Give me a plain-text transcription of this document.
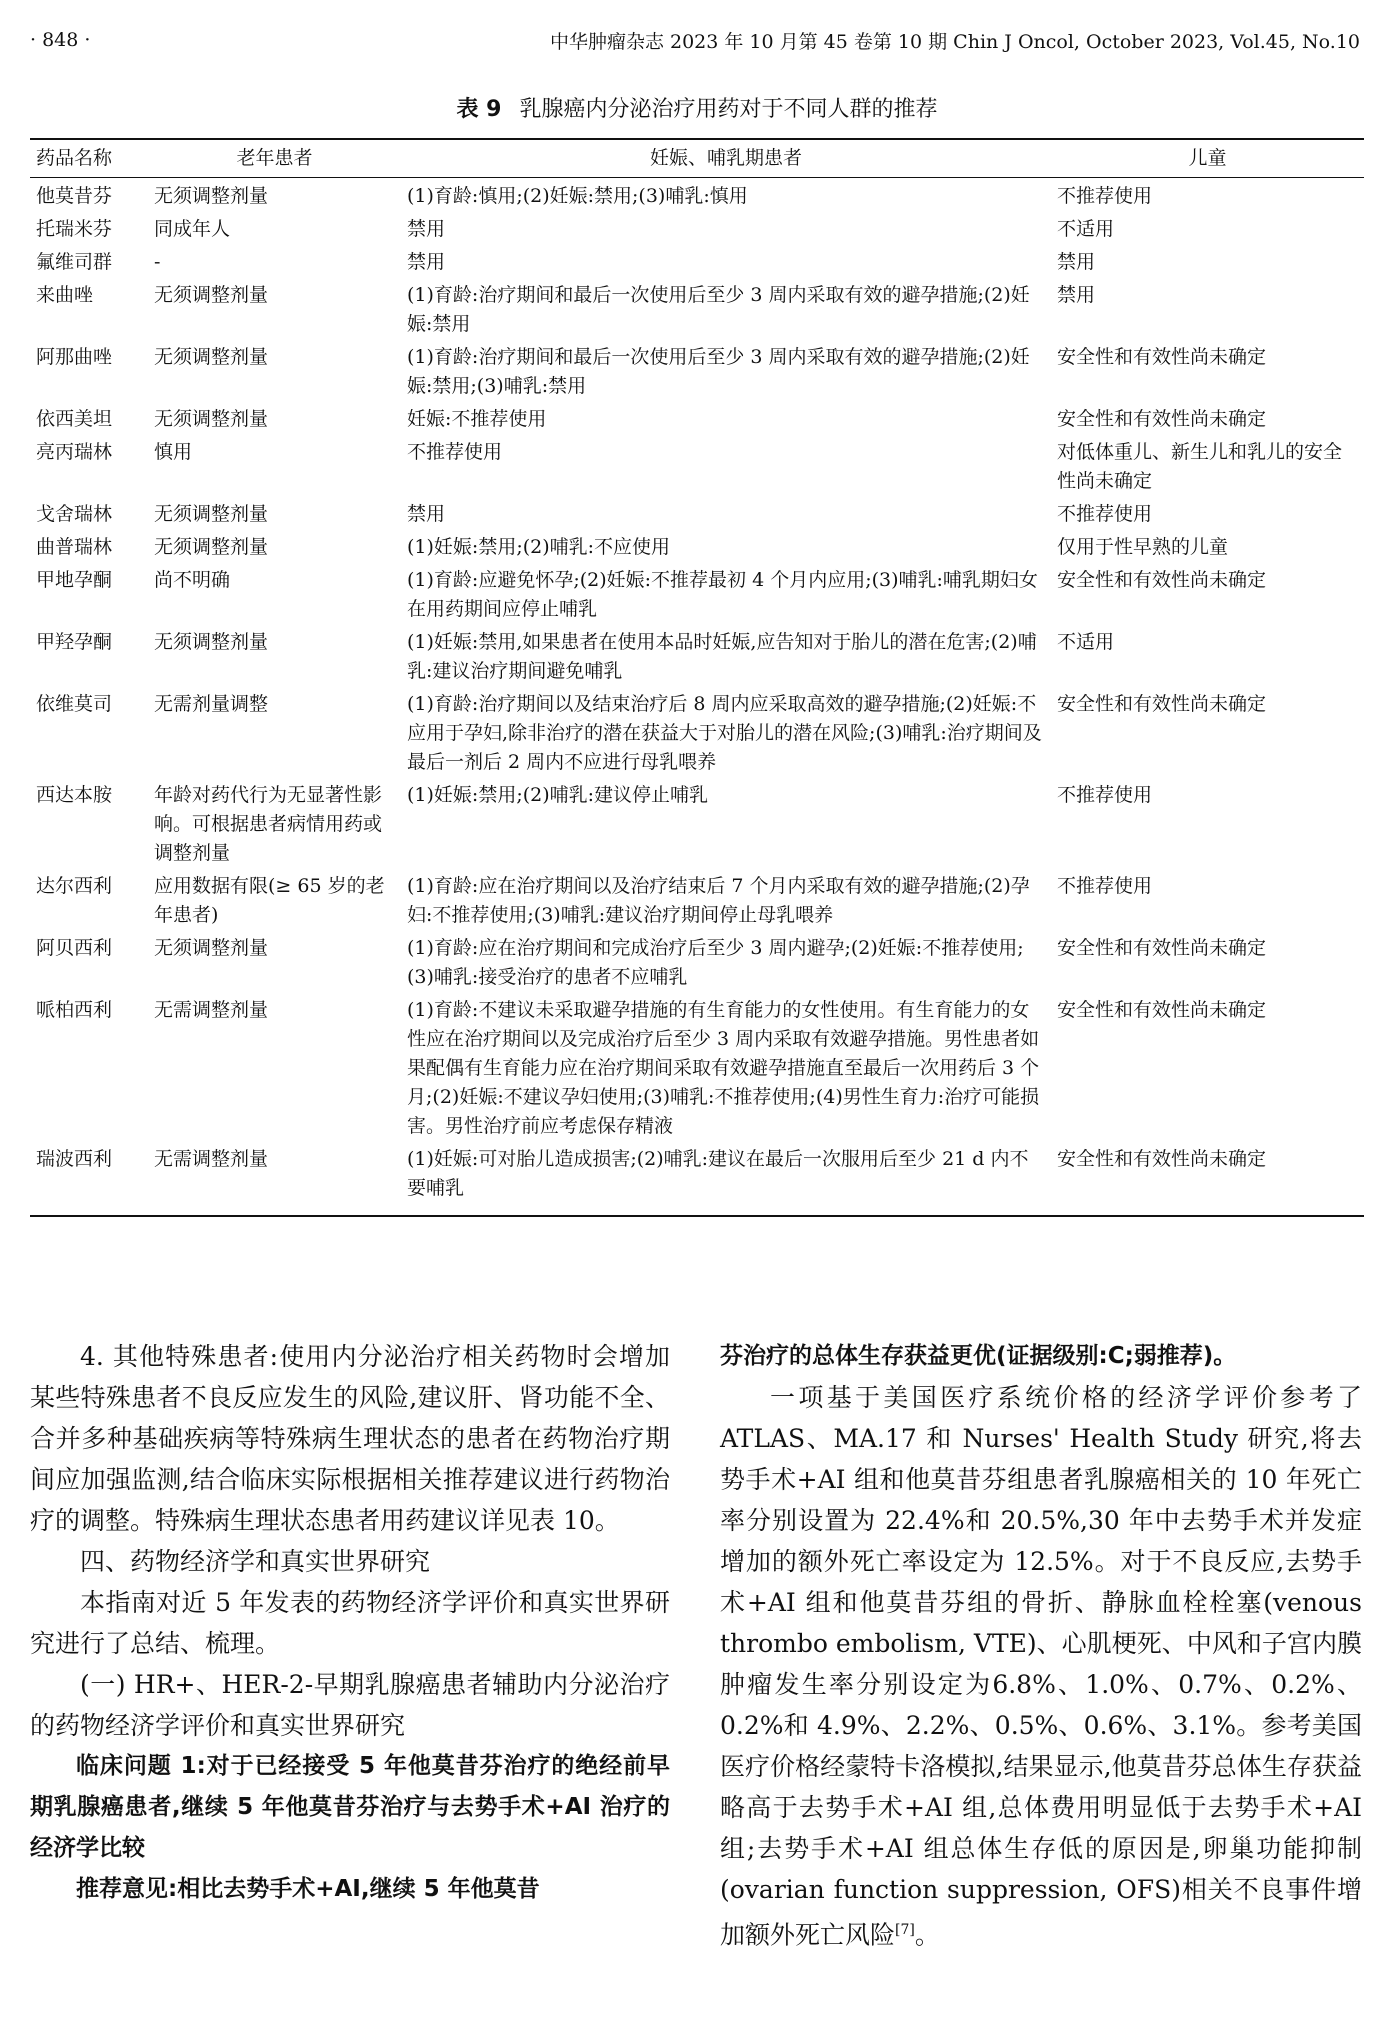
· 848 ·	中华肿瘤杂志 2023 年 10 月第 45 卷第 10 期 Chin J Oncol, October 2023, Vol.45, No.10
表 9 乳腺癌内分泌治疗用药对于不同人群的推荐
药品名称	老年患者	妊娠、哺乳期患者	儿童
他莫昔芬	无须调整剂量	(1)育龄:慎用;(2)妊娠:禁用;(3)哺乳:慎用	不推荐使用
托瑞米芬	同成年人	禁用	不适用
氟维司群	-	禁用	禁用
来曲唑	无须调整剂量	(1)育龄:治疗期间和最后一次使用后至少 3 周内采取有效的避孕措施;(2)妊娠:禁用	禁用
阿那曲唑	无须调整剂量	(1)育龄:治疗期间和最后一次使用后至少 3 周内采取有效的避孕措施;(2)妊娠:禁用;(3)哺乳:禁用	安全性和有效性尚未确定
依西美坦	无须调整剂量	妊娠:不推荐使用	安全性和有效性尚未确定
亮丙瑞林	慎用	不推荐使用	对低体重儿、新生儿和乳儿的安全性尚未确定
戈舍瑞林	无须调整剂量	禁用	不推荐使用
曲普瑞林	无须调整剂量	(1)妊娠:禁用;(2)哺乳:不应使用	仅用于性早熟的儿童
甲地孕酮	尚不明确	(1)育龄:应避免怀孕;(2)妊娠:不推荐最初 4 个月内应用;(3)哺乳:哺乳期妇女在用药期间应停止哺乳	安全性和有效性尚未确定
甲羟孕酮	无须调整剂量	(1)妊娠:禁用,如果患者在使用本品时妊娠,应告知对于胎儿的潜在危害;(2)哺乳:建议治疗期间避免哺乳	不适用
依维莫司	无需剂量调整	(1)育龄:治疗期间以及结束治疗后 8 周内应采取高效的避孕措施;(2)妊娠:不应用于孕妇,除非治疗的潜在获益大于对胎儿的潜在风险;(3)哺乳:治疗期间及最后一剂后 2 周内不应进行母乳喂养	安全性和有效性尚未确定
西达本胺	年龄对药代行为无显著性影响。可根据患者病情用药或调整剂量	(1)妊娠:禁用;(2)哺乳:建议停止哺乳	不推荐使用
达尔西利	应用数据有限(≥ 65 岁的老年患者)	(1)育龄:应在治疗期间以及治疗结束后 7 个月内采取有效的避孕措施;(2)孕妇:不推荐使用;(3)哺乳:建议治疗期间停止母乳喂养	不推荐使用
阿贝西利	无须调整剂量	(1)育龄:应在治疗期间和完成治疗后至少 3 周内避孕;(2)妊娠:不推荐使用;(3)哺乳:接受治疗的患者不应哺乳	安全性和有效性尚未确定
哌柏西利	无需调整剂量	(1)育龄:不建议未采取避孕措施的有生育能力的女性使用。有生育能力的女性应在治疗期间以及完成治疗后至少 3 周内采取有效避孕措施。男性患者如果配偶有生育能力应在治疗期间采取有效避孕措施直至最后一次用药后 3 个月;(2)妊娠:不建议孕妇使用;(3)哺乳:不推荐使用;(4)男性生育力:治疗可能损害。男性治疗前应考虑保存精液	安全性和有效性尚未确定
瑞波西利	无需调整剂量	(1)妊娠:可对胎儿造成损害;(2)哺乳:建议在最后一次服用后至少 21 d 内不要哺乳	安全性和有效性尚未确定

4. 其他特殊患者:使用内分泌治疗相关药物时会增加某些特殊患者不良反应发生的风险,建议肝、肾功能不全、合并多种基础疾病等特殊病生理状态的患者在药物治疗期间应加强监测,结合临床实际根据相关推荐建议进行药物治疗的调整。特殊病生理状态患者用药建议详见表 10。

四、药物经济学和真实世界研究

本指南对近 5 年发表的药物经济学评价和真实世界研究进行了总结、梳理。

(一) HR+、HER-2-早期乳腺癌患者辅助内分泌治疗的药物经济学评价和真实世界研究

临床问题 1:对于已经接受 5 年他莫昔芬治疗的绝经前早期乳腺癌患者,继续 5 年他莫昔芬治疗与去势手术+AI 治疗的经济学比较

推荐意见:相比去势手术+AI,继续 5 年他莫昔

芬治疗的总体生存获益更优(证据级别:C;弱推荐)。

一项基于美国医疗系统价格的经济学评价参考了 ATLAS、MA.17 和 Nurses' Health Study 研究,将去势手术+AI 组和他莫昔芬组患者乳腺癌相关的 10 年死亡率分别设置为 22.4%和 20.5%,30 年中去势手术并发症增加的额外死亡率设定为 12.5%。对于不良反应,去势手术+AI 组和他莫昔芬组的骨折、静脉血栓栓塞(venous thrombo embolism, VTE)、心肌梗死、中风和子宫内膜肿瘤发生率分别设定为6.8%、1.0%、0.7%、0.2%、0.2%和 4.9%、2.2%、0.5%、0.6%、3.1%。参考美国医疗价格经蒙特卡洛模拟,结果显示,他莫昔芬总体生存获益略高于去势手术+AI 组,总体费用明显低于去势手术+AI 组;去势手术+AI 组总体生存低的原因是,卵巢功能抑制(ovarian function suppression, OFS)相关不良事件增加额外死亡风险[7]。
